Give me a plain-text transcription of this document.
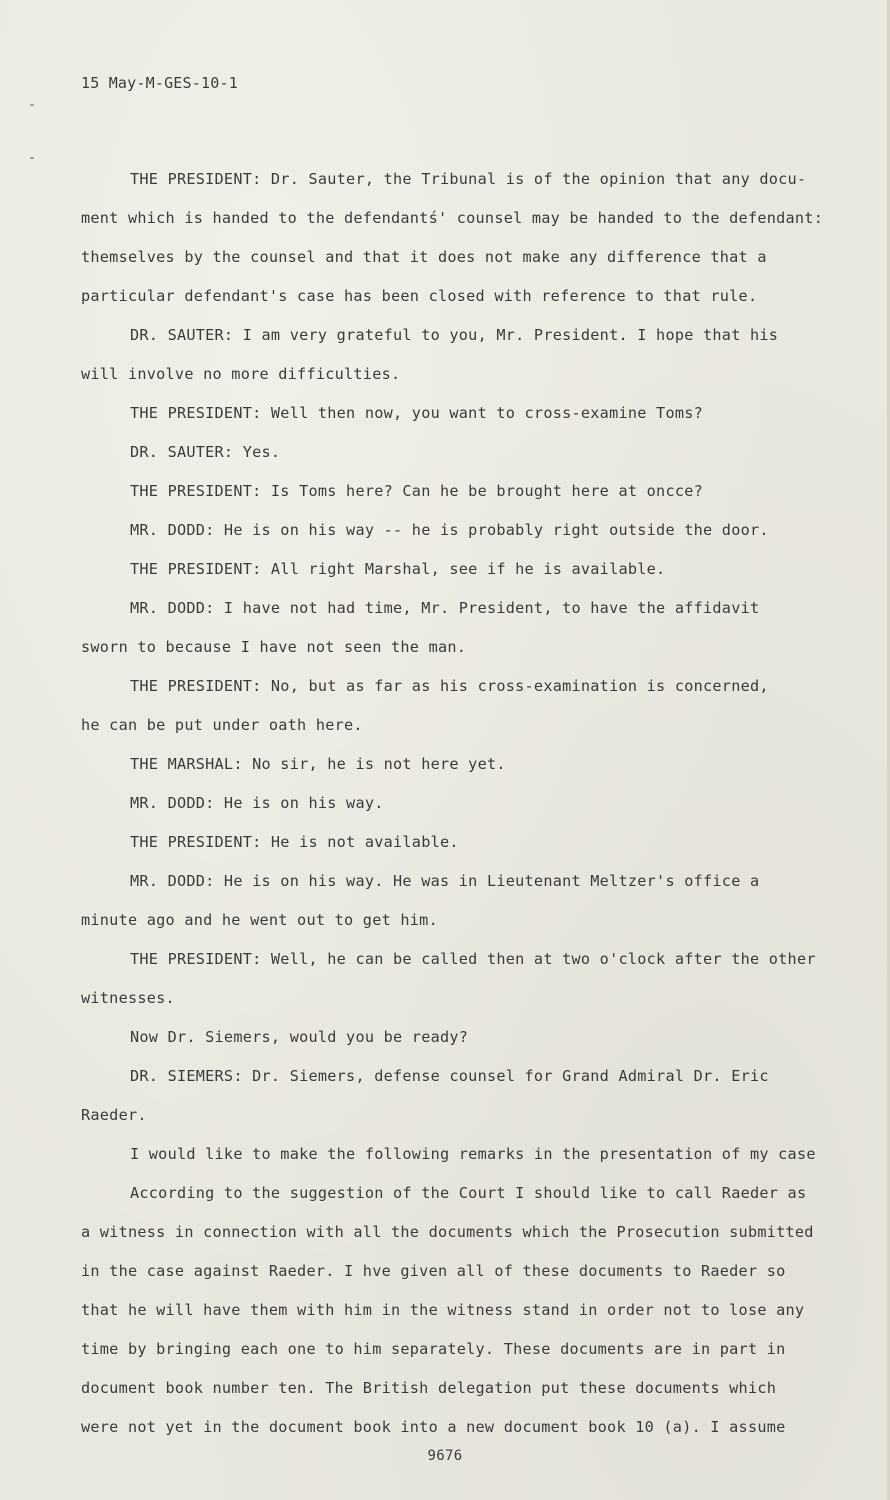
15 May-M-GES-10-1
THE PRESIDENT: Dr. Sauter, the Tribunal is of the opinion that any docu-
ment which is handed to the defendantś' counsel may be handed to the defendant:
themselves by the counsel and that it does not make any difference that a
particular defendant's case has been closed with reference to that rule.
DR. SAUTER: I am very grateful to you, Mr. President. I hope that his
will involve no more difficulties.
THE PRESIDENT: Well then now, you want to cross-examine Toms?
DR. SAUTER: Yes.
THE PRESIDENT: Is Toms here? Can he be brought here at oncce?
MR. DODD: He is on his way -- he is probably right outside the door.
THE PRESIDENT: All right Marshal, see if he is available.
MR. DODD: I have not had time, Mr. President, to have the affidavit
sworn to because I have not seen the man.
THE PRESIDENT: No, but as far as his cross-examination is concerned,
he can be put under oath here.
THE MARSHAL: No sir, he is not here yet.
MR. DODD: He is on his way.
THE PRESIDENT: He is not available.
MR. DODD: He is on his way. He was in Lieutenant Meltzer's office a
minute ago and he went out to get him.
THE PRESIDENT: Well, he can be called then at two o'clock after the other
witnesses.
Now Dr. Siemers, would you be ready?
DR. SIEMERS: Dr. Siemers, defense counsel for Grand Admiral Dr. Eric
Raeder.
I would like to make the following remarks in the presentation of my case
According to the suggestion of the Court I should like to call Raeder as
a witness in connection with all the documents which the Prosecution submitted
in the case against Raeder. I hve given all of these documents to Raeder so
that he will have them with him in the witness stand in order not to lose any
time by bringing each one to him separately. These documents are in part in
document book number ten. The British delegation put these documents which
were not yet in the document book into a new document book 10 (a). I assume
9676
